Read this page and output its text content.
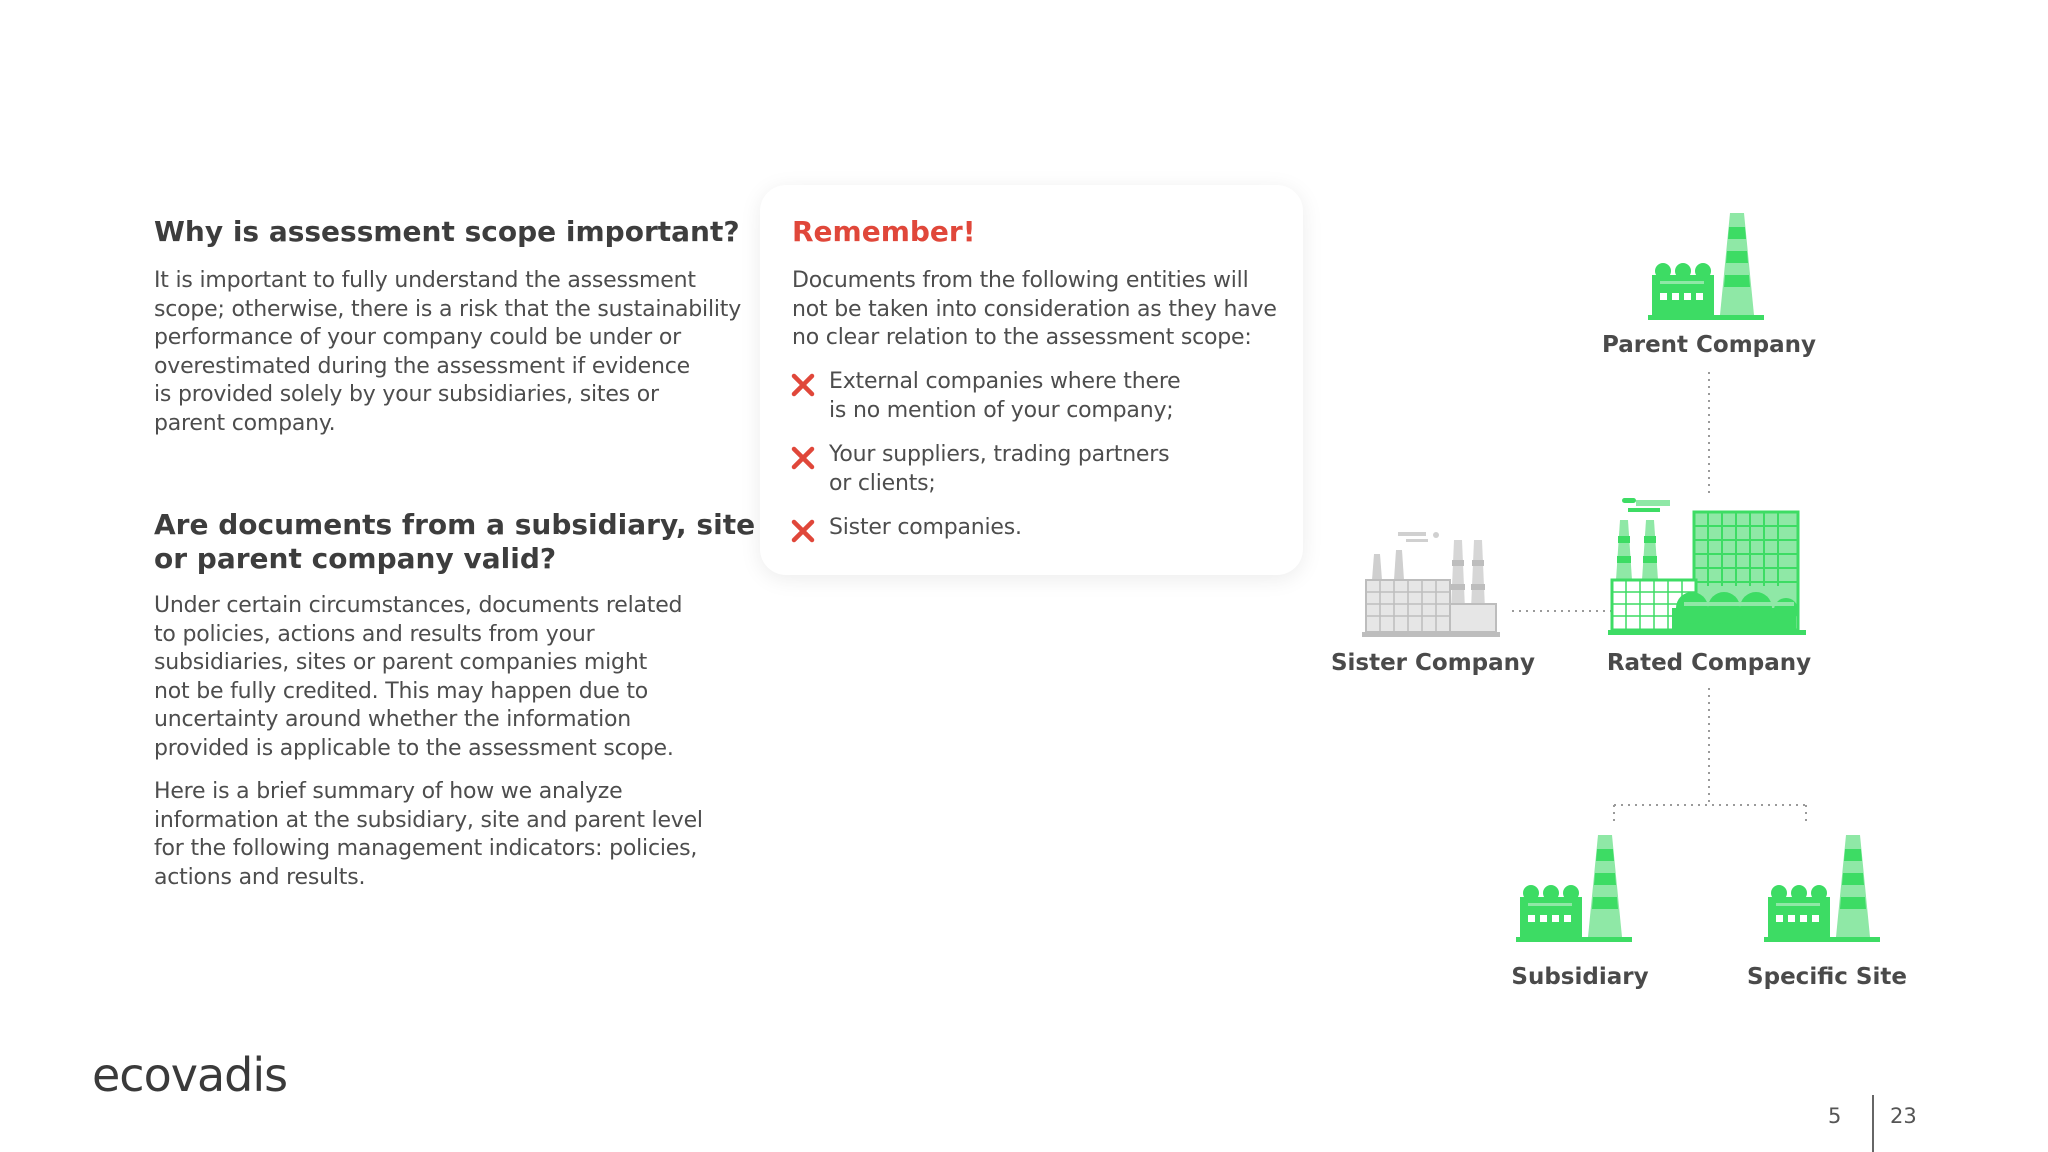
Why is assessment scope important?

It is important to fully understand the assessment
scope; otherwise, there is a risk that the sustainability
performance of your company could be under or
overestimated during the assessment if evidence
is provided solely by your subsidiaries, sites or
parent company.

Are documents from a subsidiary, site
or parent company valid?

Under certain circumstances, documents related
to policies, actions and results from your
subsidiaries, sites or parent companies might
not be fully credited. This may happen due to
uncertainty around whether the information
provided is applicable to the assessment scope.

Here is a brief summary of how we analyze
information at the subsidiary, site and parent level
for the following management indicators: policies,
actions and results.

Remember!

Documents from the following entities will
not be taken into consideration as they have
no clear relation to the assessment scope:

External companies where there
is no mention of your company;
Your suppliers, trading partners
or clients;
Sister companies.
Parent Company
Sister Company	Rated Company
Subsidiary	Specific Site
ecovadis
5 23
